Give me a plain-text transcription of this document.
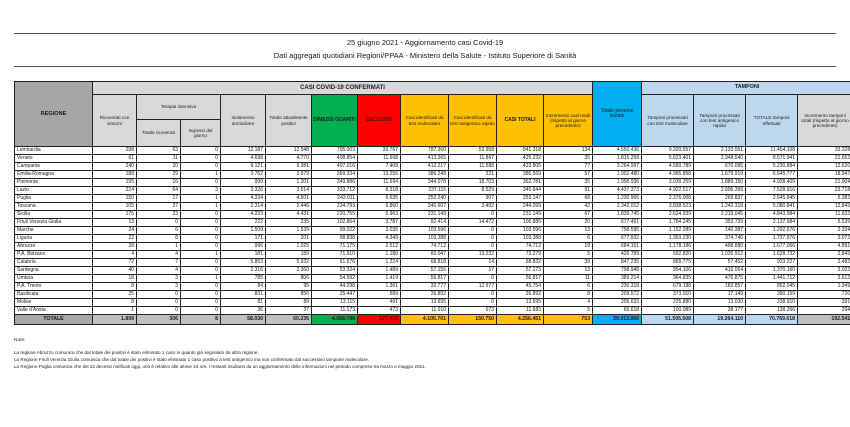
25 giugno 2021 - Aggiornamento casi Covid-19
Dati aggregati quotidiani Regioni/PPAA - Ministero della Salute - Istituto Superiore di Sanità
REGIONE	CASI COVID-19 CONFERMATI											Totale persone testate	TAMPONI			
	Ricoverati con sintomi	Terapia intensiva		Isolamento domiciliare	Totale attualmente positivi	DIMESSI GUARITI	DECEDUTI	Casi identificati da test molecolare	Casi identificati da test antigenico rapido	CASI TOTALI	Incremento casi totali (rispetto al giorno precedente)		Tamponi processati con test molecolare	Tamponi processati con test antigenico rapido	TOTALE tamponi effettuati	Incremento tamponi totali (rispetto al giorno precedente)
		Totale ricoverati	Ingressi del giorno													
Lombardia	298	63	0	12.187	12.548	795.003	33.767	787.360	53.958	841.318	134	4.550.436	9.320.557	2.133.551	11.454.108	33.328
Veneto	61	11	0	4.698	4.770	408.854	11.608	413.365	11.867	425.232	35	1.815.258	5.623.401	2.948.540	8.571.941	21.652
Campania	240	20	0	9.121	9.381	407.016	7.408	412.217	11.588	423.805	77	3.264.997	4.560.789	670.095	5.230.884	12.620
Emilia-Romagna	188	29	1	3.762	3.979	369.334	13.256	386.248	321	386.569	57	1.902.480	4.965.858	1.679.919	6.645.777	18.947
Piemonte	195	16	0	990	1.201	349.886	11.694	344.078	18.703	362.781	35	1.958.936	3.039.259	1.889.150	4.928.409	21.904
Lazio	224	64	3	3.326	3.614	333.712	8.318	337.115	8.529	345.644	91	4.437.373	4.922.517	2.606.399	7.528.916	23.718
Puglia	150	17	1	4.334	4.501	242.011	6.635	252.240	907	253.147	68	1.230.965	2.376.008	269.837	2.645.845	5.382
Toscana	105	27	1	2.314	2.446	234.793	6.860	240.607	3.492	244.099	42	2.342.012	3.838.523	1.242.318	5.080.841	12.843
Sicilia	175	23	0	4.233	4.431	220.755	5.963	231.149	0	231.149	67	1.839.745	2.624.939	2.219.045	4.843.984	11.632
Friuli Venezia Giulia	13	0	0	222	235	102.864	3.787	92.414	14.472	106.886	20	677.461	1.784.245	353.739	2.137.984	5.535
Marche	24	6	0	1.509	1.539	99.022	3.035	103.596	0	103.596	13	758.595	1.152.289	140.387	1.292.676	2.334
Liguria	22	8	0	171	201	98.838	4.349	103.388	0	103.388	6	677.932	1.363.230	374.746	1.737.976	3.072
Abruzzo	28	1	0	996	1.025	71.175	2.512	74.712	0	74.712	19	684.151	1.178.186	498.880	1.677.066	4.891
P.A. Bolzano	4	4	1	181	189	71.910	1.180	60.047	13.232	73.279	5	426.789	592.820	1.035.912	1.628.732	2.843
Calabria	72	7	0	5.853	5.932	61.676	1.224	68.818	14	68.832	39	847.235	865.775	57.452	923.227	2.482
Sardegna	40	4	0	2.316	2.360	53.324	1.489	57.156	17	57.173	13	798.948	954.106	416.054	1.370.160	3.022
Umbria	18	3	1	785	806	54.592	1.419	56.817	0	56.817	11	389.214	964.835	476.875	1.441.712	3.612
P.A. Trento	8	3	0	84	95	44.298	1.361	32.777	12.977	45.754	6	230.318	679.188	182.857	862.045	1.349
Basilicata	25	0	0	831	856	25.447	589	26.892	0	26.892	8	209.572	373.010	17.149	390.159	720
Molise	8	0	0	81	89	13.115	491	13.695	0	13.695	4	205.633	225.880	13.030	238.910	391
Valle d'Aosta	1	0	0	36	37	11.173	473	11.010	673	11.683	5	65.618	100.089	38.177	138.266	264
TOTALE	1.899	306	8	58.030	60.235	4.068.798	127.418	4.105.701	150.750	4.256.451	753	29.313.066	51.505.508	19.264.110	70.769.618	192.541
Note:
La regione Abruzzo comunica che dal totale dei positivi è stato eliminato 1 caso in quanto già segnalato da altra regione.
La Regione Friuli Venezia Giulia comunica che dal totale dei positivi è stato eliminato 1 caso positivo a test antigenico ma non confermato dal successivo tampone molecolare.
La Regione Puglia comunica che dei 22 decessi notificati oggi, uno è relativo alle ultime 24 ore. I restanti risultano da un aggiornamento delle informazioni nel periodo compreso tra marzo e maggio 2021.
